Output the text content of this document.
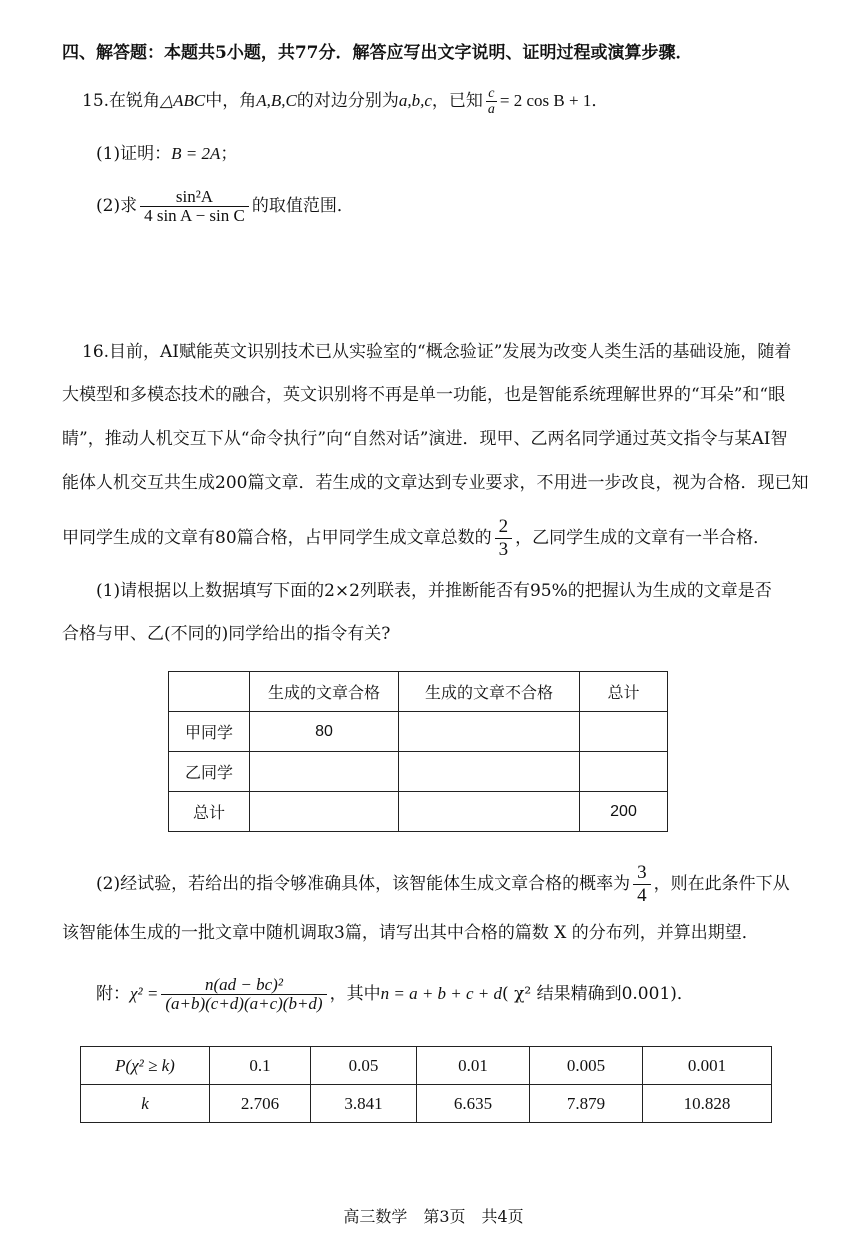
四、解答题：本题共5小题，共77分．解答应写出文字说明、证明过程或演算步骤．
15.在锐角△ABC中，角A,B,C的对边分别为a,b,c，已知 $\frac{c}{a} = 2$ cos B + 1．
(1)证明：B = 2A；
(2)求 $\frac{\text{sin²A}}{\text{4 sin A − sin C}}$ 的取值范围．
16.目前，AI赋能英文识别技术已从实验室的“概念验证”发展为改变人类生活的基础设施，随着
大模型和多模态技术的融合，英文识别将不再是单一功能，也是智能系统理解世界的“耳朵”和“眼
睛”，推动人机交互下从“命令执行”向“自然对话”演进．现甲、乙两名同学通过英文指令与某AI智
能体人机交互共生成200篇文章．若生成的文章达到专业要求，不用进一步改良，视为合格．现已知
甲同学生成的文章有80篇合格，占甲同学生成文章总数的 $\frac{2}{3}$ ，乙同学生成的文章有一半合格．
(1)请根据以上数据填写下面的2×2列联表，并推断能否有95%的把握认为生成的文章是否
合格与甲、乙(不同的)同学给出的指令有关?
	生成的文章合格	生成的文章不合格	总计
甲同学	80		
乙同学			
总计			200
(2)经试验，若给出的指令够准确具体，该智能体生成文章合格的概率为 $\frac{3}{4}$ ，则在此条件下从
该智能体生成的一批文章中随机调取3篇，请写出其中合格的篇数 X 的分布列，并算出期望．
附：$\chi^2 = \frac{\text{n(ad − bc)²}}{(a+b)(c+d)(a+c)(b+d)}$ ，其中n = a + b + c + d( χ² 结果精确到0.001)．
P(χ² ≥ k)	0.1	0.05	0.01	0.005	0.001
k	2.706	3.841	6.635	7.879	10.828
高三数学　第3页　共4页
